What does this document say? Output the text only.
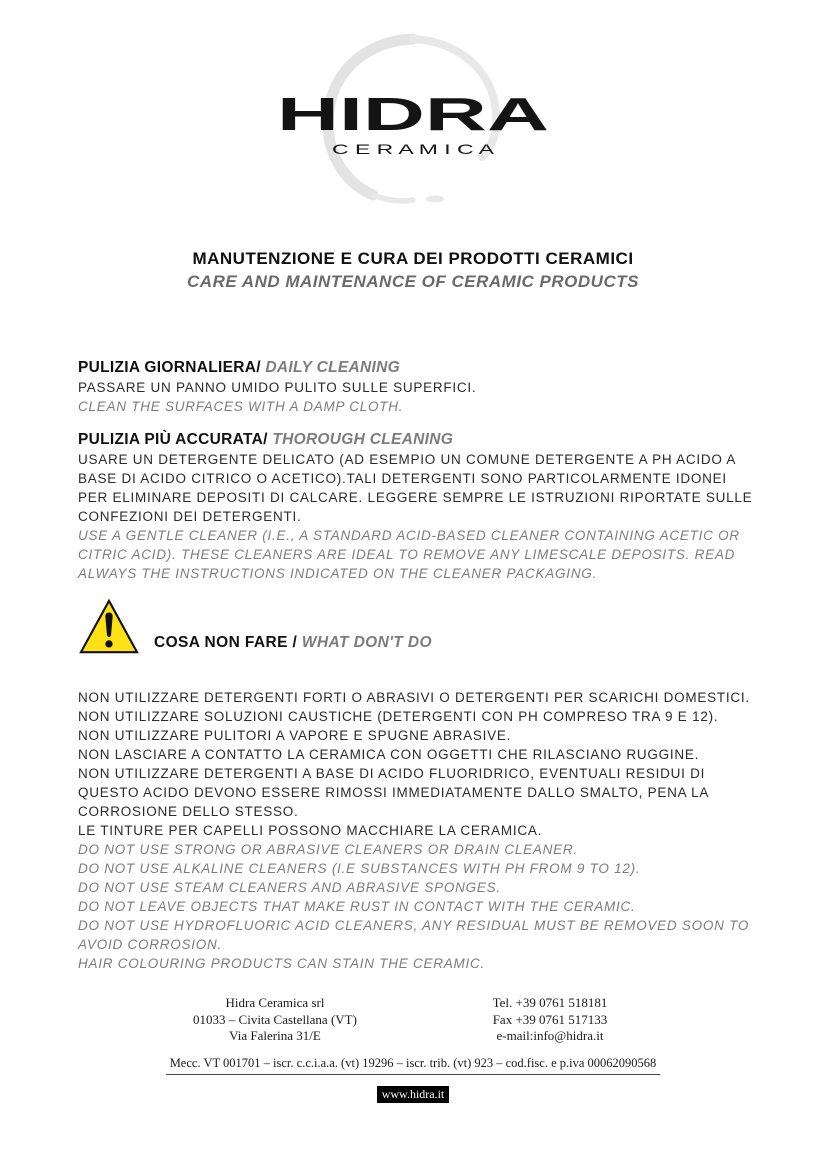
HIDRA
C E R A M I C A
MANUTENZIONE E CURA DEI PRODOTTI CERAMICI
CARE AND MAINTENANCE OF CERAMIC PRODUCTS
PULIZIA GIORNALIERA/ DAILY CLEANING
PASSARE UN PANNO UMIDO PULITO SULLE SUPERFICI.
CLEAN THE SURFACES WITH A DAMP CLOTH.
PULIZIA PIÙ ACCURATA/ THOROUGH CLEANING
USARE UN DETERGENTE DELICATO (AD ESEMPIO UN COMUNE DETERGENTE A PH ACIDO A BASE DI ACIDO CITRICO O ACETICO).TALI DETERGENTI SONO PARTICOLARMENTE IDONEI PER ELIMINARE DEPOSITI DI CALCARE. LEGGERE SEMPRE LE ISTRUZIONI RIPORTATE SULLE CONFEZIONI DEI DETERGENTI.
USE A GENTLE CLEANER (I.E., A STANDARD ACID-BASED CLEANER CONTAINING ACETIC OR CITRIC ACID). THESE CLEANERS ARE IDEAL TO REMOVE ANY LIMESCALE DEPOSITS. READ ALWAYS THE INSTRUCTIONS INDICATED ON THE CLEANER PACKAGING.
COSA NON FARE / WHAT DON'T DO
NON UTILIZZARE DETERGENTI FORTI O ABRASIVI O DETERGENTI PER SCARICHI DOMESTICI.
NON UTILIZZARE SOLUZIONI CAUSTICHE (DETERGENTI CON PH COMPRESO TRA 9 E 12).
NON UTILIZZARE PULITORI A VAPORE E SPUGNE ABRASIVE.
NON LASCIARE A CONTATTO LA CERAMICA CON OGGETTI CHE RILASCIANO RUGGINE.
NON UTILIZZARE DETERGENTI A BASE DI ACIDO FLUORIDRICO, EVENTUALI RESIDUI DI QUESTO ACIDO DEVONO ESSERE RIMOSSI IMMEDIATAMENTE DALLO SMALTO, PENA LA CORROSIONE DELLO STESSO.
LE TINTURE PER CAPELLI POSSONO MACCHIARE LA CERAMICA.
DO NOT USE STRONG OR ABRASIVE CLEANERS OR DRAIN CLEANER.
DO NOT USE ALKALINE CLEANERS (I.E SUBSTANCES WITH PH FROM 9 TO 12).
DO NOT USE STEAM CLEANERS AND ABRASIVE SPONGES.
DO NOT LEAVE OBJECTS THAT MAKE RUST IN CONTACT WITH THE CERAMIC.
DO NOT USE HYDROFLUORIC ACID CLEANERS, ANY RESIDUAL MUST BE REMOVED SOON TO AVOID CORROSION.
HAIR COLOURING PRODUCTS CAN STAIN THE CERAMIC.
Hidra Ceramica srl
01033 – Civita Castellana (VT)
Via Falerina 31/E
Tel. +39 0761 518181
Fax +39 0761 517133
e-mail:info@hidra.it
Mecc. VT 001701 – iscr. c.c.i.a.a. (vt) 19296 – iscr. trib. (vt) 923 – cod.fisc. e p.iva 00062090568
www.hidra.it
